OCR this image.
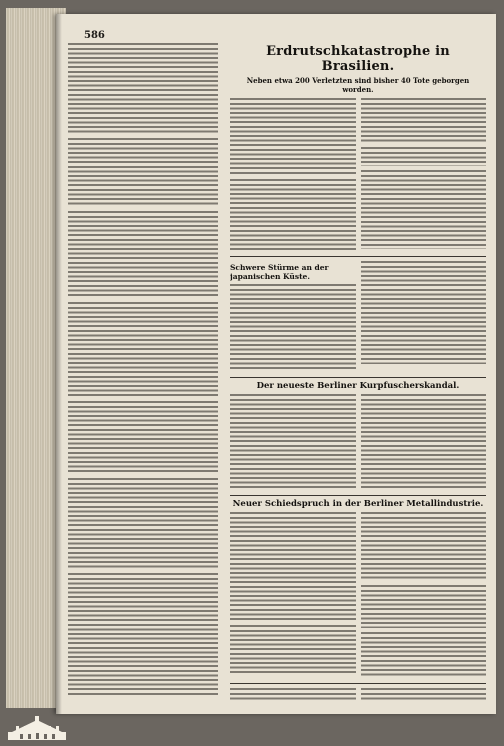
586
Erdrutschkatastrophe in Brasilien.
Neben etwa 200 Verletzten sind bisher 40 Tote geborgen worden.
Schwere Stürme an der japanischen Küste.
Der neueste Berliner Kurpfuscherskandal.
Neuer Schiedspruch in der Berliner Metallindustrie.
